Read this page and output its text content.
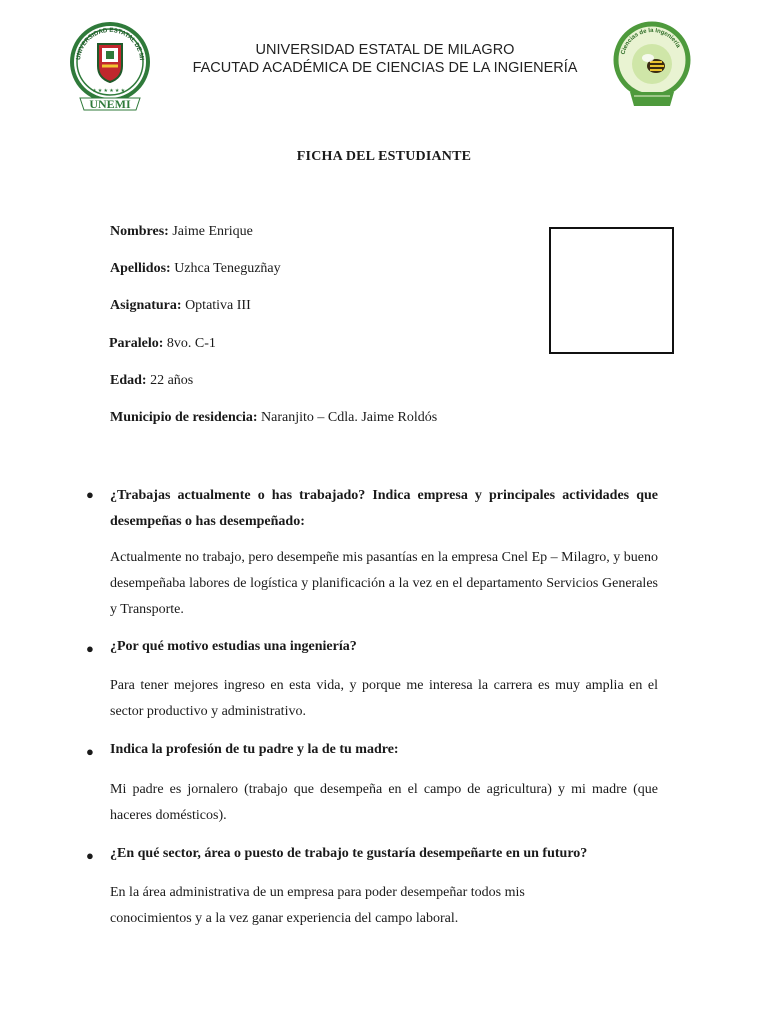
UNIVERSIDAD ESTATAL DE MI
★ ★ ★ ★ ★ ★
UNEMI
UNIVERSIDAD ESTATAL DE MILAGRO
FACUTAD ACADÉMICA DE CIENCIAS DE LA INGIENERÍA
Ciencias de la Ingeniería
FICHA DEL ESTUDIANTE
Nombres: Jaime Enrique
Apellidos: Uzhca Teneguzñay
Asignatura: Optativa III
Paralelo: 8vo. C-1
Edad: 22 años
Municipio de residencia: Naranjito – Cdla. Jaime Roldós
● ¿Trabajas actualmente o has trabajado? Indica empresa y principales actividades que desempeñas o has desempeñado:
Actualmente no trabajo, pero desempeñe mis pasantías en la empresa Cnel Ep – Milagro, y bueno desempeñaba labores de logística y planificación a la vez en el departamento Servicios Generales y Transporte.
● ¿Por qué motivo estudias una ingeniería?
Para tener mejores ingreso en esta vida, y porque me interesa la carrera es muy amplia en el sector productivo y administrativo.
● Indica la profesión de tu padre y la de tu madre:
Mi padre es jornalero (trabajo que desempeña en el campo de agricultura) y mi madre (que haceres domésticos).
● ¿En qué sector, área o puesto de trabajo te gustaría desempeñarte en un futuro?
En la área administrativa de un empresa para poder desempeñar todos mis conocimientos y a la vez ganar experiencia del campo laboral.
